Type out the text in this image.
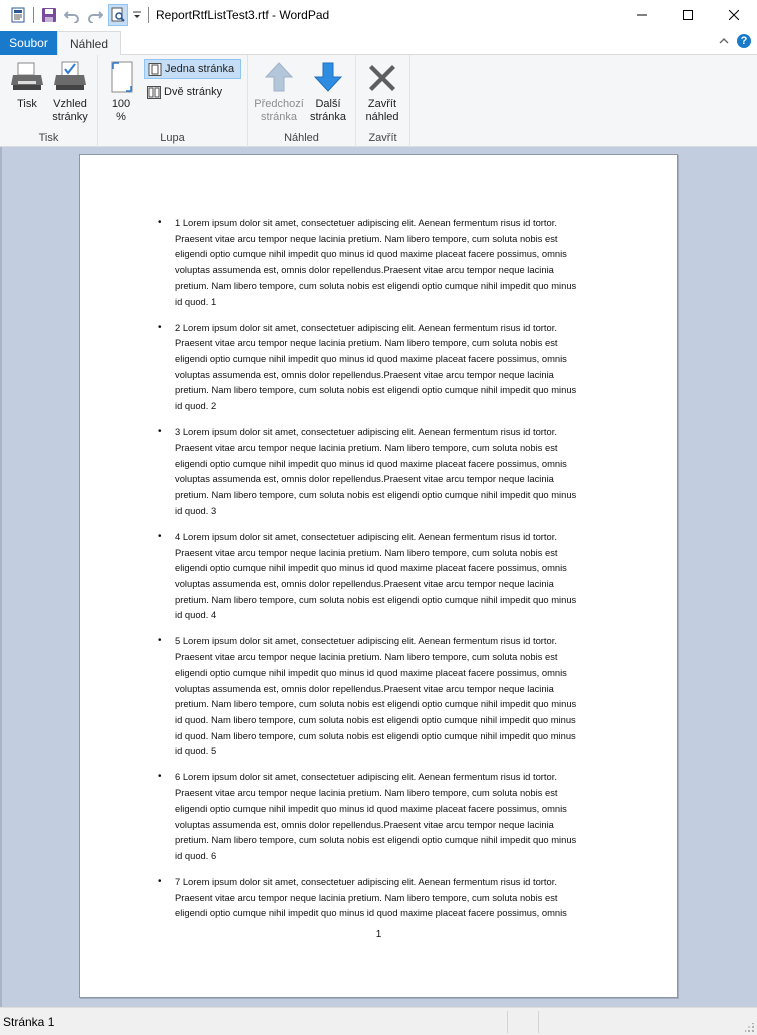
ReportRtfListTest3.rtf - WordPad
Soubor	Náhled	?
Tisk Vzhled
stránky
Tisk
100
%
Jedna stránka
Dvě stránky
Lupa
Předchozí
stránka
Další
stránka
Náhled
Zavřít
náhled
Zavřít
• 1 Lorem ipsum dolor sit amet, consectetuer adipiscing elit. Aenean fermentum risus id tortor.
Praesent vitae arcu tempor neque lacinia pretium. Nam libero tempore, cum soluta nobis est
eligendi optio cumque nihil impedit quo minus id quod maxime placeat facere possimus, omnis
voluptas assumenda est, omnis dolor repellendus.Praesent vitae arcu tempor neque lacinia
pretium. Nam libero tempore, cum soluta nobis est eligendi optio cumque nihil impedit quo minus
id quod. 1
• 2 Lorem ipsum dolor sit amet, consectetuer adipiscing elit. Aenean fermentum risus id tortor.
Praesent vitae arcu tempor neque lacinia pretium. Nam libero tempore, cum soluta nobis est
eligendi optio cumque nihil impedit quo minus id quod maxime placeat facere possimus, omnis
voluptas assumenda est, omnis dolor repellendus.Praesent vitae arcu tempor neque lacinia
pretium. Nam libero tempore, cum soluta nobis est eligendi optio cumque nihil impedit quo minus
id quod. 2
• 3 Lorem ipsum dolor sit amet, consectetuer adipiscing elit. Aenean fermentum risus id tortor.
Praesent vitae arcu tempor neque lacinia pretium. Nam libero tempore, cum soluta nobis est
eligendi optio cumque nihil impedit quo minus id quod maxime placeat facere possimus, omnis
voluptas assumenda est, omnis dolor repellendus.Praesent vitae arcu tempor neque lacinia
pretium. Nam libero tempore, cum soluta nobis est eligendi optio cumque nihil impedit quo minus
id quod. 3
• 4 Lorem ipsum dolor sit amet, consectetuer adipiscing elit. Aenean fermentum risus id tortor.
Praesent vitae arcu tempor neque lacinia pretium. Nam libero tempore, cum soluta nobis est
eligendi optio cumque nihil impedit quo minus id quod maxime placeat facere possimus, omnis
voluptas assumenda est, omnis dolor repellendus.Praesent vitae arcu tempor neque lacinia
pretium. Nam libero tempore, cum soluta nobis est eligendi optio cumque nihil impedit quo minus
id quod. 4
• 5 Lorem ipsum dolor sit amet, consectetuer adipiscing elit. Aenean fermentum risus id tortor.
Praesent vitae arcu tempor neque lacinia pretium. Nam libero tempore, cum soluta nobis est
eligendi optio cumque nihil impedit quo minus id quod maxime placeat facere possimus, omnis
voluptas assumenda est, omnis dolor repellendus.Praesent vitae arcu tempor neque lacinia
pretium. Nam libero tempore, cum soluta nobis est eligendi optio cumque nihil impedit quo minus
id quod. Nam libero tempore, cum soluta nobis est eligendi optio cumque nihil impedit quo minus
id quod. Nam libero tempore, cum soluta nobis est eligendi optio cumque nihil impedit quo minus
id quod. 5
• 6 Lorem ipsum dolor sit amet, consectetuer adipiscing elit. Aenean fermentum risus id tortor.
Praesent vitae arcu tempor neque lacinia pretium. Nam libero tempore, cum soluta nobis est
eligendi optio cumque nihil impedit quo minus id quod maxime placeat facere possimus, omnis
voluptas assumenda est, omnis dolor repellendus.Praesent vitae arcu tempor neque lacinia
pretium. Nam libero tempore, cum soluta nobis est eligendi optio cumque nihil impedit quo minus
id quod. 6
• 7 Lorem ipsum dolor sit amet, consectetuer adipiscing elit. Aenean fermentum risus id tortor.
Praesent vitae arcu tempor neque lacinia pretium. Nam libero tempore, cum soluta nobis est
eligendi optio cumque nihil impedit quo minus id quod maxime placeat facere possimus, omnis
1
Stránka 1
